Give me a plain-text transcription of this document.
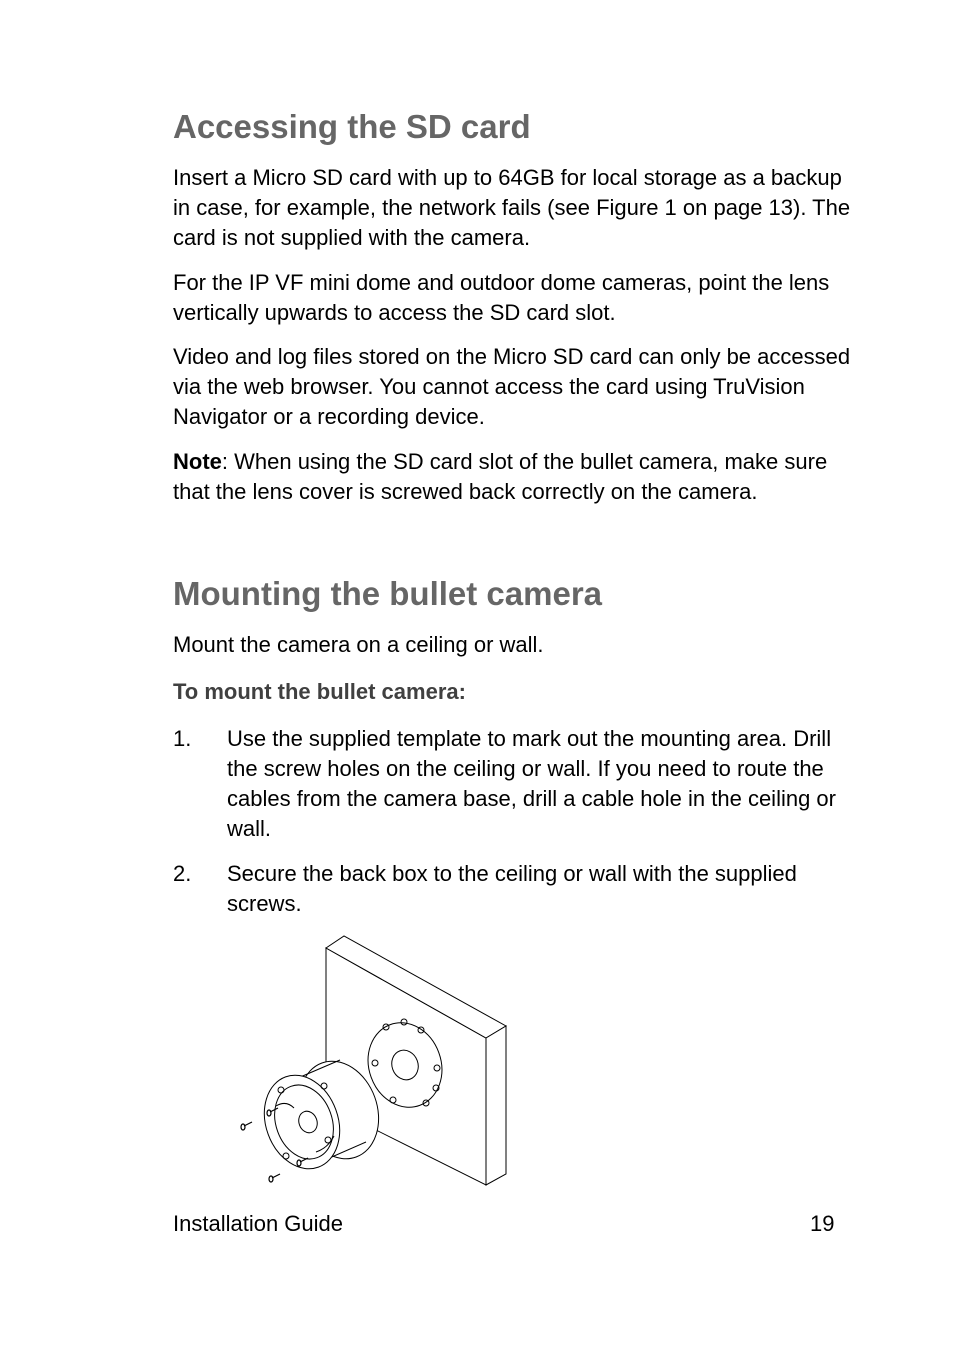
Accessing the SD card

Insert a Micro SD card with up to 64GB for local storage as a backup in case, for example, the network fails (see Figure 1 on page 13). The card is not supplied with the camera.

For the IP VF mini dome and outdoor dome cameras, point the lens vertically upwards to access the SD card slot.

Video and log files stored on the Micro SD card can only be accessed via the web browser. You cannot access the card using TruVision Navigator or a recording device.

Note: When using the SD card slot of the bullet camera, make sure that the lens cover is screwed back correctly on the camera.

Mounting the bullet camera

Mount the camera on a ceiling or wall.

To mount the bullet camera:

1. Use the supplied template to mark out the mounting area. Drill the screw holes on the ceiling or wall. If you need to route the cables from the camera base, drill a cable hole in the ceiling or wall.
2. Secure the back box to the ceiling or wall with the supplied screws.
Installation Guide	19
